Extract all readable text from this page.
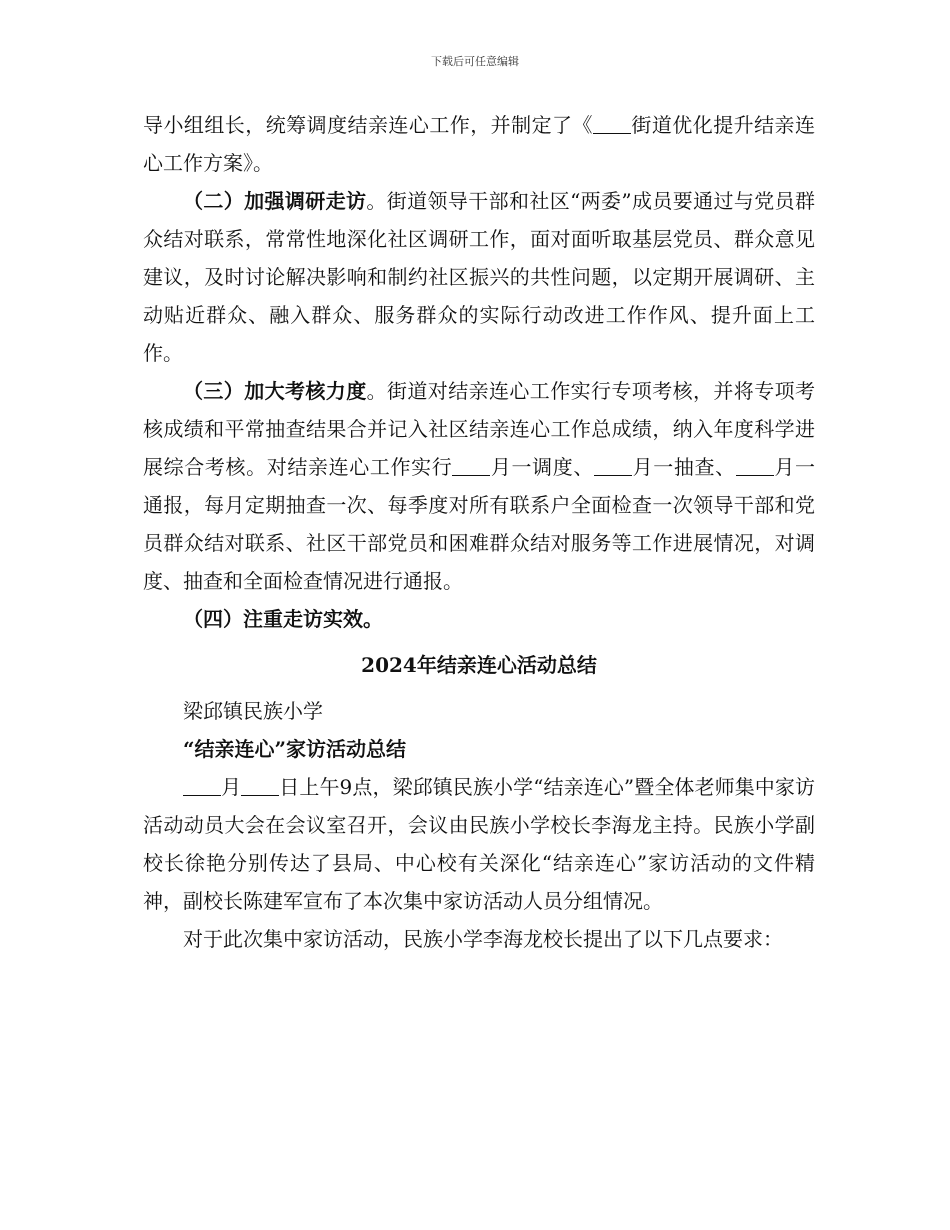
下载后可任意编辑

导小组组长，统筹调度结亲连心工作，并制定了《 街道优化提升结亲连心工作方案》。

（二）加强调研走访。街道领导干部和社区“两委”成员要通过与党员群众结对联系，常常性地深化社区调研工作，面对面听取基层党员、群众意见建议，及时讨论解决影响和制约社区振兴的共性问题，以定期开展调研、主动贴近群众、融入群众、服务群众的实际行动改进工作作风、提升面上工作。

（三）加大考核力度。街道对结亲连心工作实行专项考核，并将专项考核成绩和平常抽查结果合并记入社区结亲连心工作总成绩，纳入年度科学进展综合考核。对结亲连心工作实行 月一调度、 月一抽查、 月一通报，每月定期抽查一次、每季度对所有联系户全面检查一次领导干部和党员群众结对联系、社区干部党员和困难群众结对服务等工作进展情况，对调度、抽查和全面检查情况进行通报。

（四）注重走访实效。

2024年结亲连心活动总结

梁邱镇民族小学

“结亲连心”家访活动总结

月 日上午9点，梁邱镇民族小学“结亲连心”暨全体老师集中家访活动动员大会在会议室召开，会议由民族小学校长李海龙主持。民族小学副校长徐艳分别传达了县局、中心校有关深化“结亲连心”家访活动的文件精神，副校长陈建军宣布了本次集中家访活动人员分组情况。

对于此次集中家访活动，民族小学李海龙校长提出了以下几点要求：
